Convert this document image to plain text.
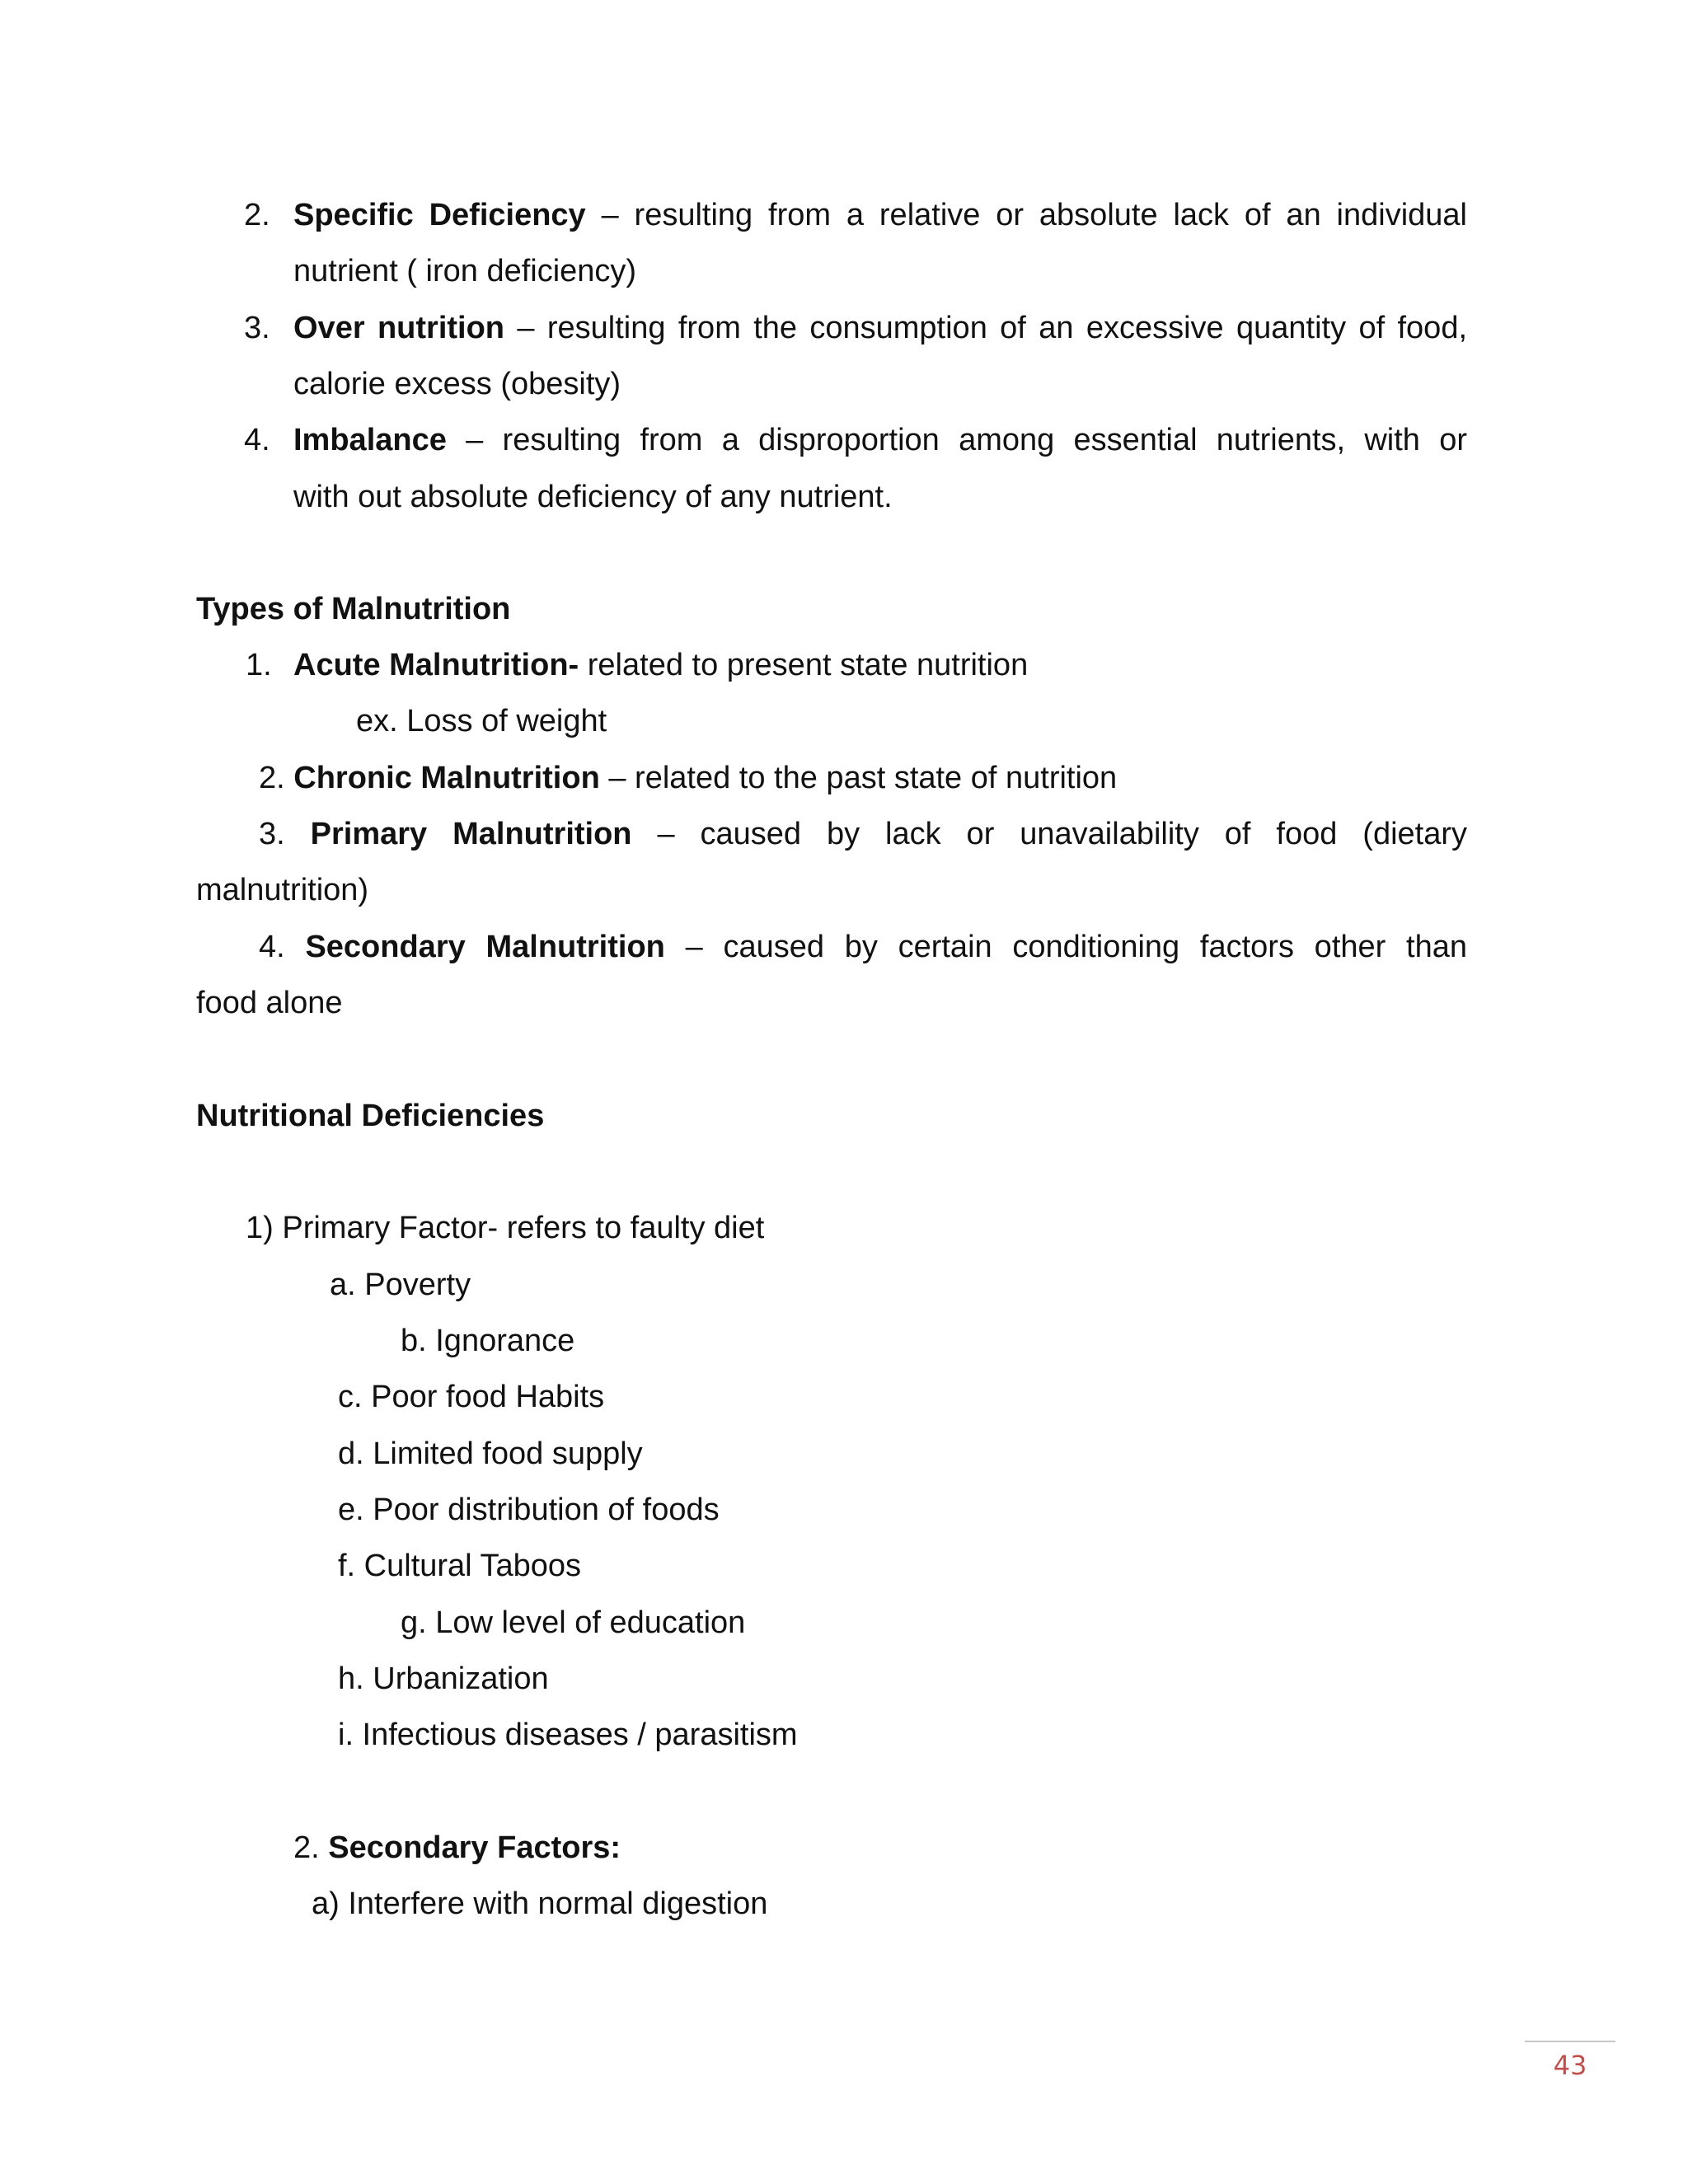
2. Specific Deficiency – resulting from a relative or absolute lack of an individual
nutrient ( iron deficiency)
3. Over nutrition – resulting from the consumption of an excessive quantity of food,
calorie excess (obesity)
4. Imbalance – resulting from a disproportion among essential nutrients, with or
with out absolute deficiency of any nutrient.
Types of Malnutrition
1. Acute Malnutrition- related to present state nutrition
ex. Loss of weight
2. Chronic Malnutrition – related to the past state of nutrition
3. Primary Malnutrition – caused by lack or unavailability of food (dietary
malnutrition)
4. Secondary Malnutrition – caused by certain conditioning factors other than
food alone
Nutritional Deficiencies
1) Primary Factor- refers to faulty diet
a. Poverty
b. Ignorance
c. Poor food Habits
d. Limited food supply
e. Poor distribution of foods
f. Cultural Taboos
g. Low level of education
h. Urbanization
i. Infectious diseases / parasitism
2. Secondary Factors:
a) Interfere with normal digestion
43
